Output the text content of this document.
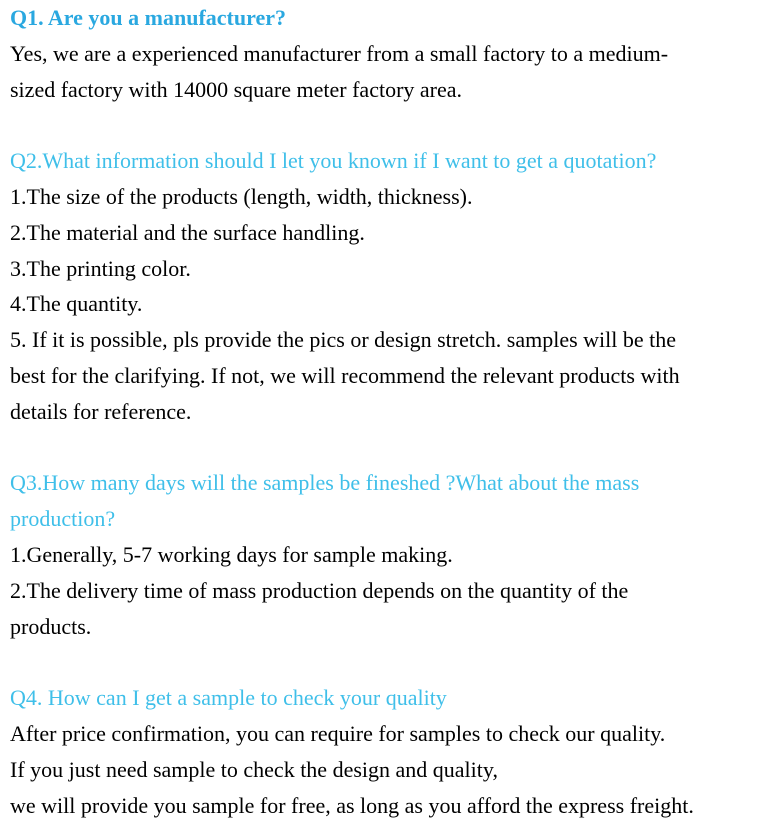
Q1. Are you a manufacturer?
Yes, we are a experienced manufacturer from a small factory to a medium-
sized factory with 14000 square meter factory area.
Q2.What information should I let you known if I want to get a quotation?
1.The size of the products (length, width, thickness).
2.The material and the surface handling.
3.The printing color.
4.The quantity.
5. If it is possible, pls provide the pics or design stretch. samples will be the
best for the clarifying. If not, we will recommend the relevant products with
details for reference.
Q3.How many days will the samples be fineshed ?What about the mass
production?
1.Generally, 5-7 working days for sample making.
2.The delivery time of mass production depends on the quantity of the
products.
Q4. How can I get a sample to check your quality
After price confirmation, you can require for samples to check our quality.
If you just need sample to check the design and quality,
we will provide you sample for free, as long as you afford the express freight.
